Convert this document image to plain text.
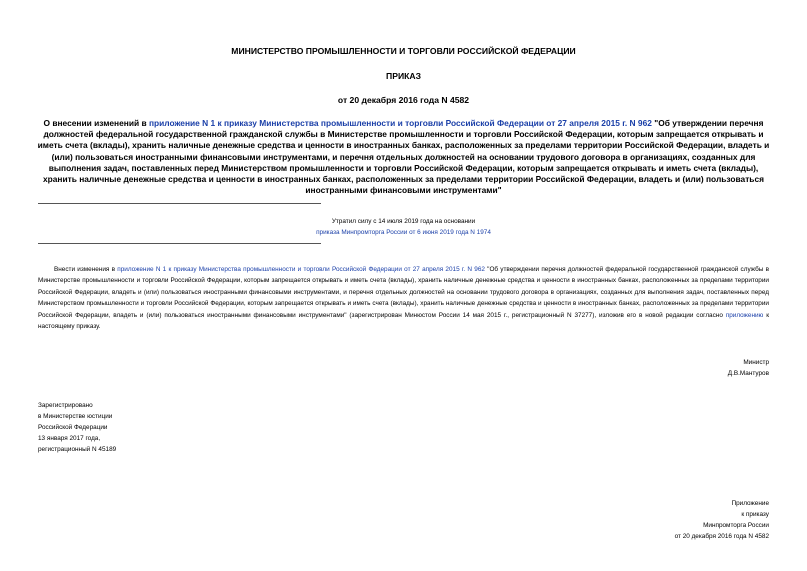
МИНИСТЕРСТВО ПРОМЫШЛЕННОСТИ И ТОРГОВЛИ РОССИЙСКОЙ ФЕДЕРАЦИИ
ПРИКАЗ
от 20 декабря 2016 года N 4582
О внесении изменений в приложение N 1 к приказу Министерства промышленности и торговли Российской Федерации от 27 апреля 2015 г. N 962 "Об утверждении перечня должностей федеральной государственной гражданской службы в Министерстве промышленности и торговли Российской Федерации, которым запрещается открывать и иметь счета (вклады), хранить наличные денежные средства и ценности в иностранных банках, расположенных за пределами территории Российской Федерации, владеть и (или) пользоваться иностранными финансовыми инструментами, и перечня отдельных должностей на основании трудового договора в организациях, созданных для выполнения задач, поставленных перед Министерством промышленности и торговли Российской Федерации, которым запрещается открывать и иметь счета (вклады), хранить наличные денежные средства и ценности в иностранных банках, расположенных за пределами территории Российской Федерации, владеть и (или) пользоваться иностранными финансовыми инструментами"
Утратил силу с 14 июля 2019 года на основании
приказа Минпромторга России от 6 июня 2019 года N 1974
Внести изменения в приложение N 1 к приказу Министерства промышленности и торговли Российской Федерации от 27 апреля 2015 г. N 962 "Об утверждении перечня должностей федеральной государственной гражданской службы в Министерстве промышленности и торговли Российской Федерации, которым запрещается открывать и иметь счета (вклады), хранить наличные денежные средства и ценности в иностранных банках, расположенных за пределами территории Российской Федерации, владеть и (или) пользоваться иностранными финансовыми инструментами, и перечня отдельных должностей на основании трудового договора в организациях, созданных для выполнения задач, поставленных перед Министерством промышленности и торговли Российской Федерации, которым запрещается открывать и иметь счета (вклады), хранить наличные денежные средства и ценности в иностранных банках, расположенных за пределами территории Российской Федерации, владеть и (или) пользоваться иностранными финансовыми инструментами" (зарегистрирован Минюстом России 14 мая 2015 г., регистрационный N 37277), изложив его в новой редакции согласно приложению к настоящему приказу.
Министр
Д.В.Мантуров
Зарегистрировано
в Министерстве юстиции
Российской Федерации
13 января 2017 года,
регистрационный N 45189
Приложение
к приказу
Минпромторга России
от 20 декабря 2016 года N 4582
